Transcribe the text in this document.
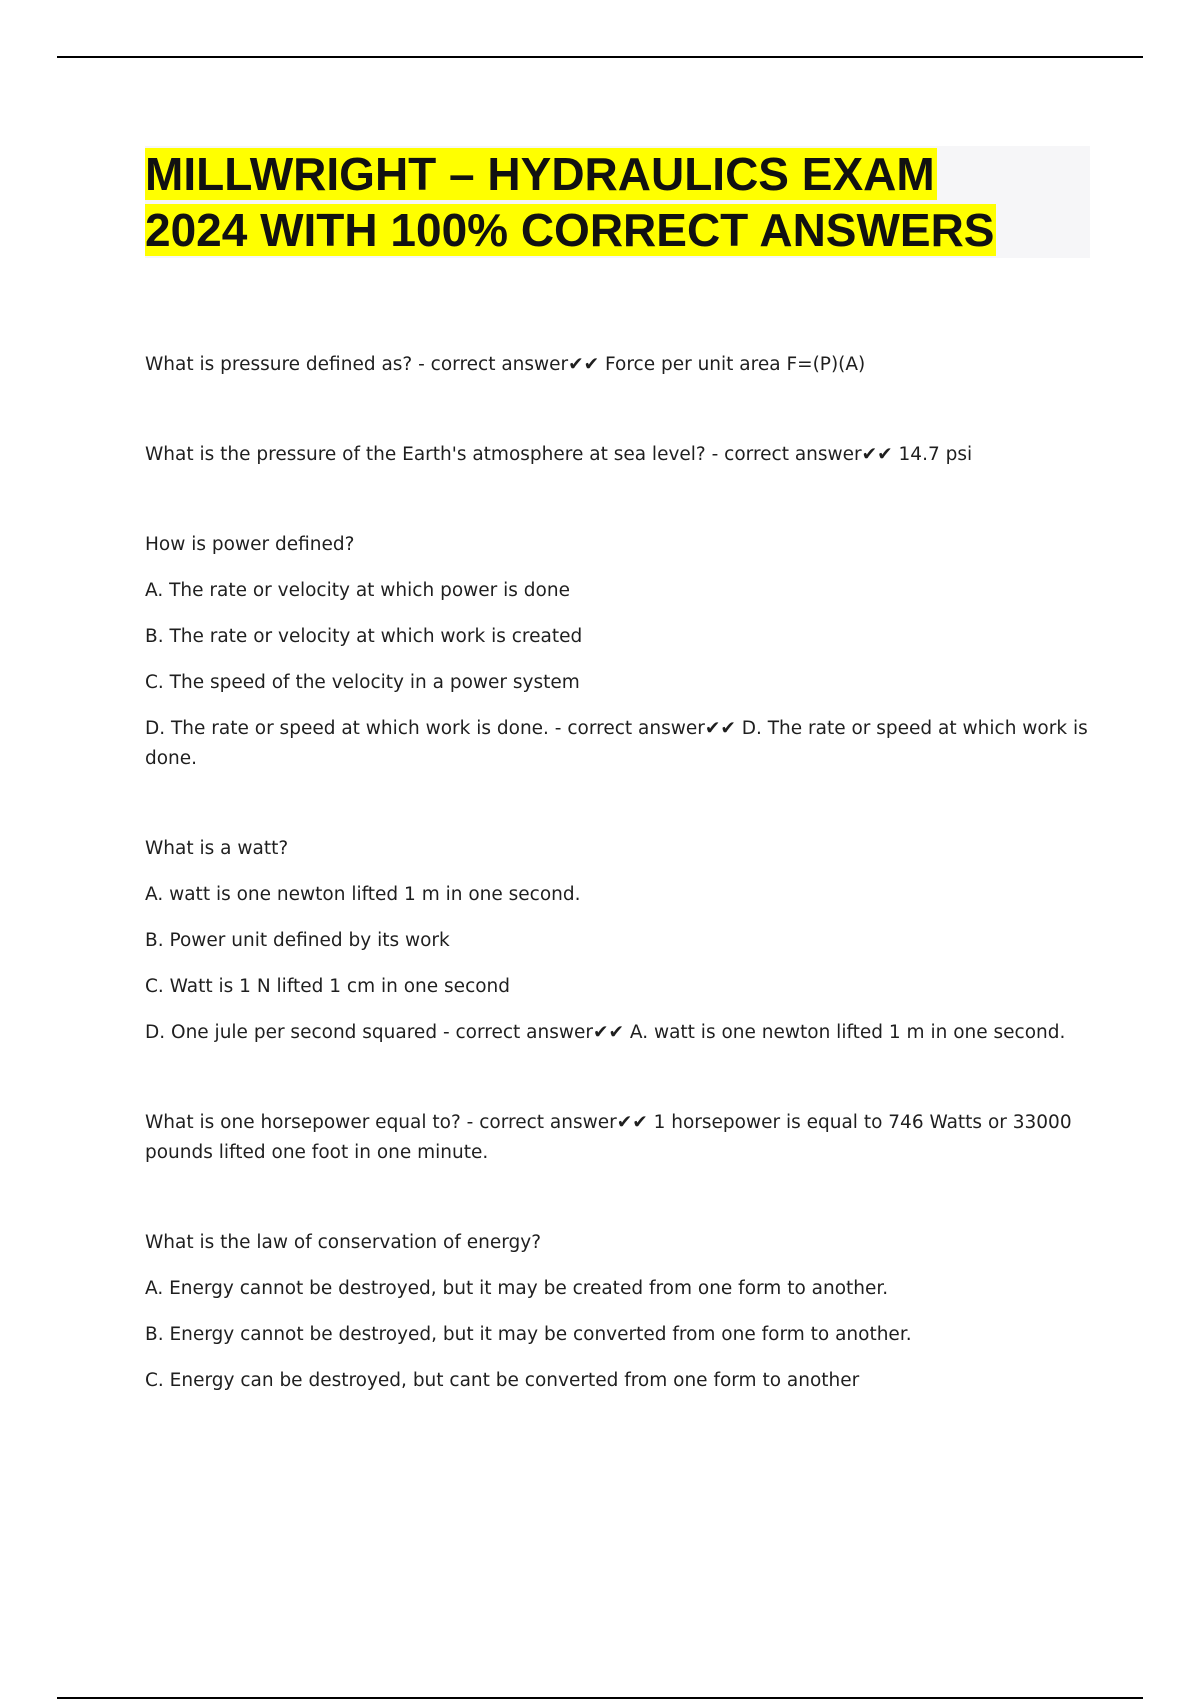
MILLWRIGHT – HYDRAULICS EXAM
2024 WITH 100% CORRECT ANSWERS

What is pressure defined as? - correct answer✔✔ Force per unit area F=(P)(A)

What is the pressure of the Earth's atmosphere at sea level? - correct answer✔✔ 14.7 psi

How is power defined?

A. The rate or velocity at which power is done

B. The rate or velocity at which work is created

C. The speed of the velocity in a power system

D. The rate or speed at which work is done. - correct answer✔✔ D. The rate or speed at which work is done.

What is a watt?

A. watt is one newton lifted 1 m in one second.

B. Power unit defined by its work

C. Watt is 1 N lifted 1 cm in one second

D. One jule per second squared - correct answer✔✔ A. watt is one newton lifted 1 m in one second.

What is one horsepower equal to? - correct answer✔✔ 1 horsepower is equal to 746 Watts or 33000 pounds lifted one foot in one minute.

What is the law of conservation of energy?

A. Energy cannot be destroyed, but it may be created from one form to another.

B. Energy cannot be destroyed, but it may be converted from one form to another.

C. Energy can be destroyed, but cant be converted from one form to another
